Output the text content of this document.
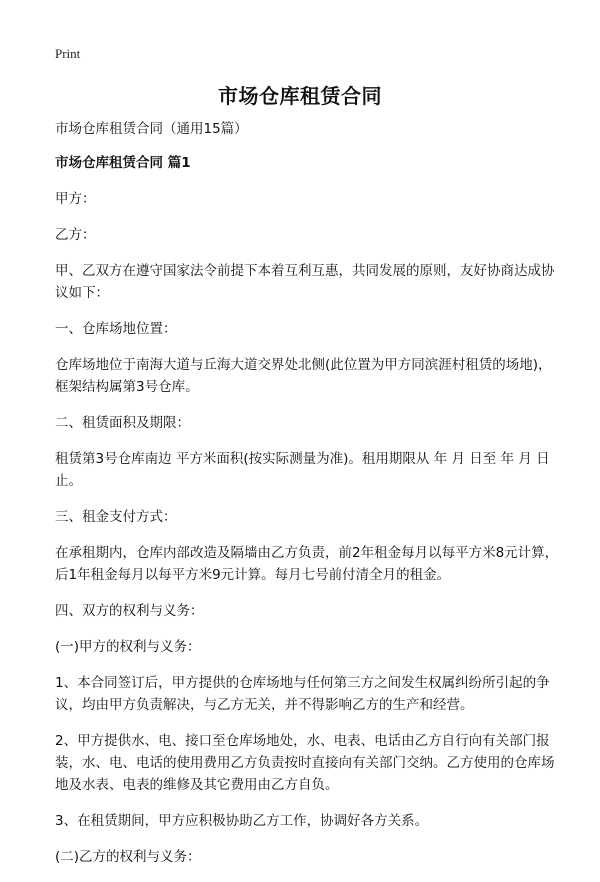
Print
市场仓库租赁合同

市场仓库租赁合同（通用15篇）

市场仓库租赁合同 篇1

甲方：

乙方：

甲、乙双方在遵守国家法令前提下本着互利互惠，共同发展的原则，友好协商达成协议如下：

一、仓库场地位置：

仓库场地位于南海大道与丘海大道交界处北侧(此位置为甲方同滨涯村租赁的场地)，框架结构属第3号仓库。

二、租赁面积及期限：

租赁第3号仓库南边 平方米面积(按实际测量为准)。租用期限从 年 月 日至 年 月 日止。

三、租金支付方式：

在承租期内，仓库内部改造及隔墙由乙方负责，前2年租金每月以每平方米8元计算，后1年租金每月以每平方米9元计算。每月七号前付清全月的租金。

四、双方的权利与义务：

(一)甲方的权利与义务：

1、本合同签订后，甲方提供的仓库场地与任何第三方之间发生权属纠纷所引起的争议，均由甲方负责解决，与乙方无关，并不得影响乙方的生产和经营。

2、甲方提供水、电、接口至仓库场地处，水、电表、电话由乙方自行向有关部门报装，水、电、电话的使用费用乙方负责按时直接向有关部门交纳。乙方使用的仓库场地及水表、电表的维修及其它费用由乙方自负。

3、在租赁期间，甲方应积极协助乙方工作，协调好各方关系。

(二)乙方的权利与义务：
